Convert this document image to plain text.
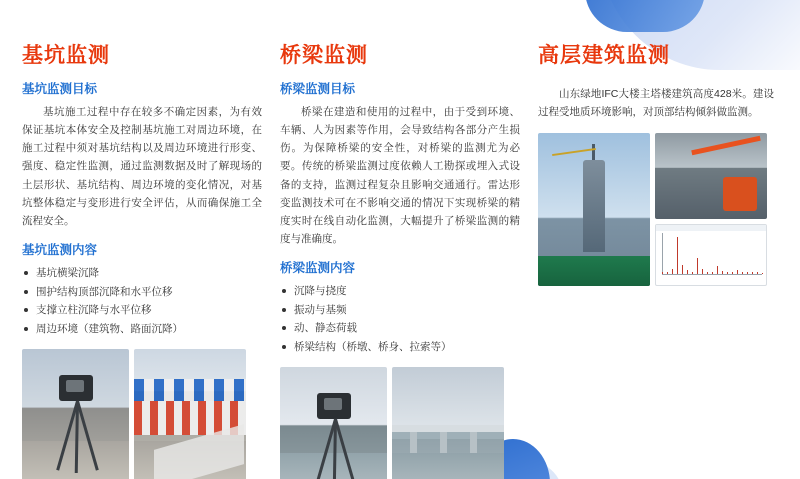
基坑监测
基坑监测目标

基坑施工过程中存在较多不确定因素，为有效保证基坑本体安全及控制基坑施工对周边环境，在施工过程中须对基坑结构以及周边环境进行形变、强度、稳定性监测，通过监测数据及时了解现场的土层形状、基坑结构、周边环境的变化情况，对基坑整体稳定与变形进行安全评估，从而确保施工全流程安全。

基坑监测内容
基坑横梁沉降
围护结构顶部沉降和水平位移
支撑立柱沉降与水平位移
周边环境（建筑物、路面沉降）
桥梁监测
桥梁监测目标

桥梁在建造和使用的过程中，由于受到环境、车辆、人为因素等作用，会导致结构各部分产生损伤。为保障桥梁的安全性，对桥梁的监测尤为必要。传统的桥梁监测过度依赖人工勘探或埋入式设备的支持，监测过程复杂且影响交通通行。雷达形变监测技术可在不影响交通的情况下实现桥梁的精度实时在线自动化监测，大幅提升了桥梁监测的精度与准确度。

桥梁监测内容
沉降与挠度
振动与基频
动、静态荷载
桥梁结构（桥墩、桥身、拉索等）
高层建筑监测

山东绿地IFC大楼主塔楼建筑高度428米。建设过程受地质环境影响，对顶部结构倾斜做监测。
